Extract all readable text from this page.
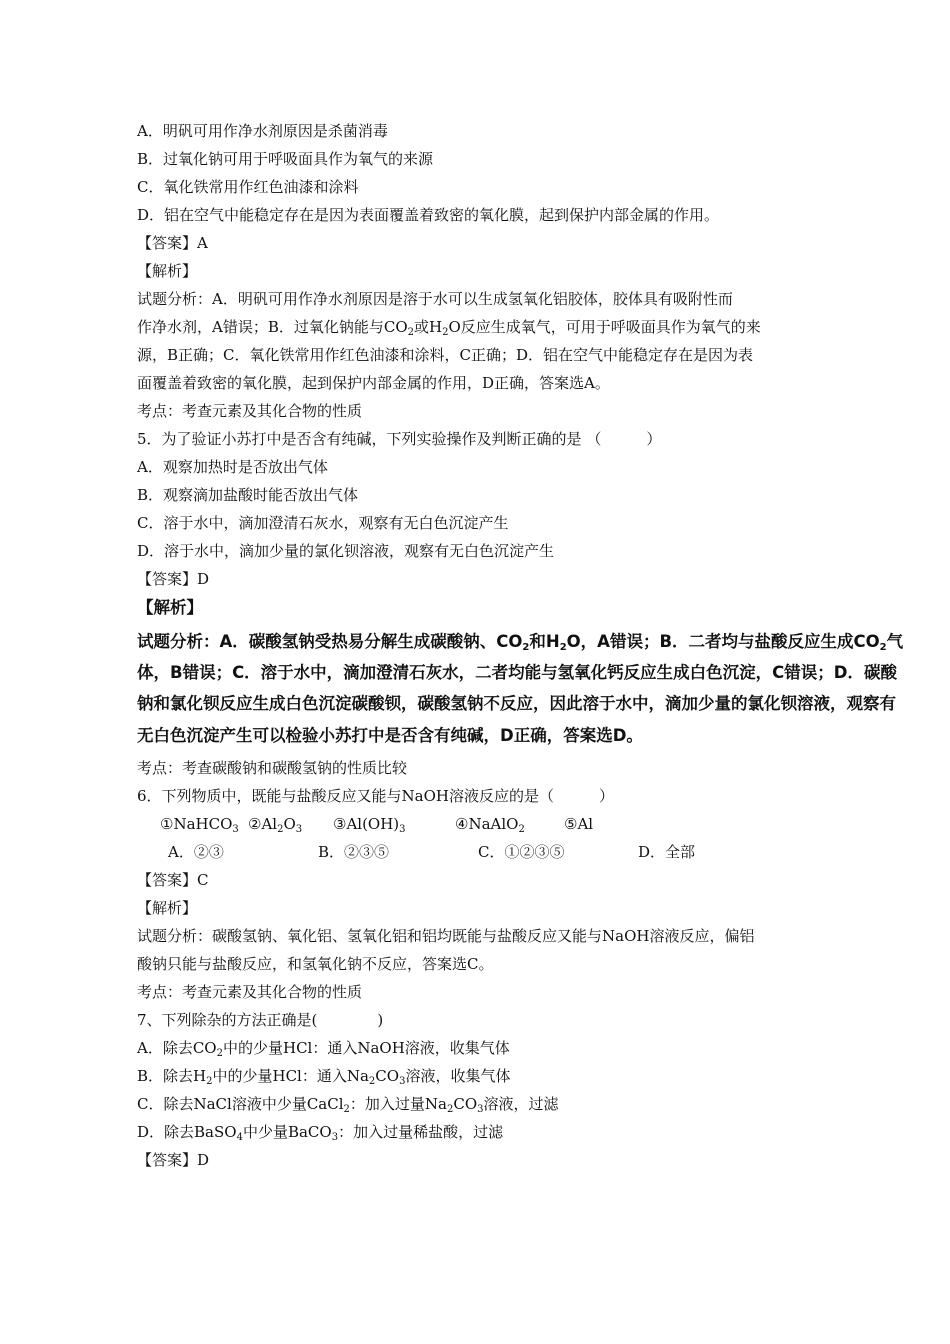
A．明矾可用作净水剂原因是杀菌消毒
B．过氧化钠可用于呼吸面具作为氧气的来源
C．氧化铁常用作红色油漆和涂料
D．铝在空气中能稳定存在是因为表面覆盖着致密的氧化膜，起到保护内部金属的作用。
【答案】A
【解析】
试题分析：A．明矾可用作净水剂原因是溶于水可以生成氢氧化铝胶体，胶体具有吸附性而
作净水剂，A错误；B．过氧化钠能与$CO_2$或$H_2O$反应生成氧气，可用于呼吸面具作为氧气的来
源，B正确；C．氧化铁常用作红色油漆和涂料，C正确；D．铝在空气中能稳定存在是因为表
面覆盖着致密的氧化膜，起到保护内部金属的作用，D正确，答案选A。
考点：考查元素及其化合物的性质
5．为了验证小苏打中是否含有纯碱，下列实验操作及判断正确的是 （　　　）
A．观察加热时是否放出气体
B．观察滴加盐酸时能否放出气体
C．溶于水中，滴加澄清石灰水，观察有无白色沉淀产生
D．溶于水中，滴加少量的氯化钡溶液，观察有无白色沉淀产生
【答案】D
【解析】
试题分析：A．碳酸氢钠受热易分解生成碳酸钠、$CO_2$和$H_2O$，A错误；B．二者均与盐酸反应生成$CO_2$气
体，B错误；C．溶于水中，滴加澄清石灰水，二者均能与氢氧化钙反应生成白色沉淀，C错误；D．碳酸
钠和氯化钡反应生成白色沉淀碳酸钡，碳酸氢钠不反应，因此溶于水中，滴加少量的氯化钡溶液，观察有
无白色沉淀产生可以检验小苏打中是否含有纯碱，D正确，答案选D。
考点：考查碳酸钠和碳酸氢钠的性质比较
6．下列物质中，既能与盐酸反应又能与NaOH溶液反应的是（　　　）
①NaHCO$_3$ $②Al_2O_3$ $③Al(OH)_3$	④NaAlO$_2$	⑤Al
A．②③	B．②③⑤	C．①②③⑤	D．全部
【答案】C
【解析】
试题分析：碳酸氢钠、氧化铝、氢氧化铝和铝均既能与盐酸反应又能与NaOH溶液反应，偏铝
酸钠只能与盐酸反应，和氢氧化钠不反应，答案选C。
考点：考查元素及其化合物的性质
7、下列除杂的方法正确是(　　　　)
A．除去$CO_2$中的少量HCl：通入NaOH溶液，收集气体
B．除去$H_2$中的少量HCl：通入$Na_2CO_3$溶液，收集气体
C．除去NaCl溶液中少量CaCl$_2$：加入过量$Na_2CO_3$溶液，过滤
D．除去BaSO$_4$中少量BaCO$_3$：加入过量稀盐酸，过滤
【答案】D
